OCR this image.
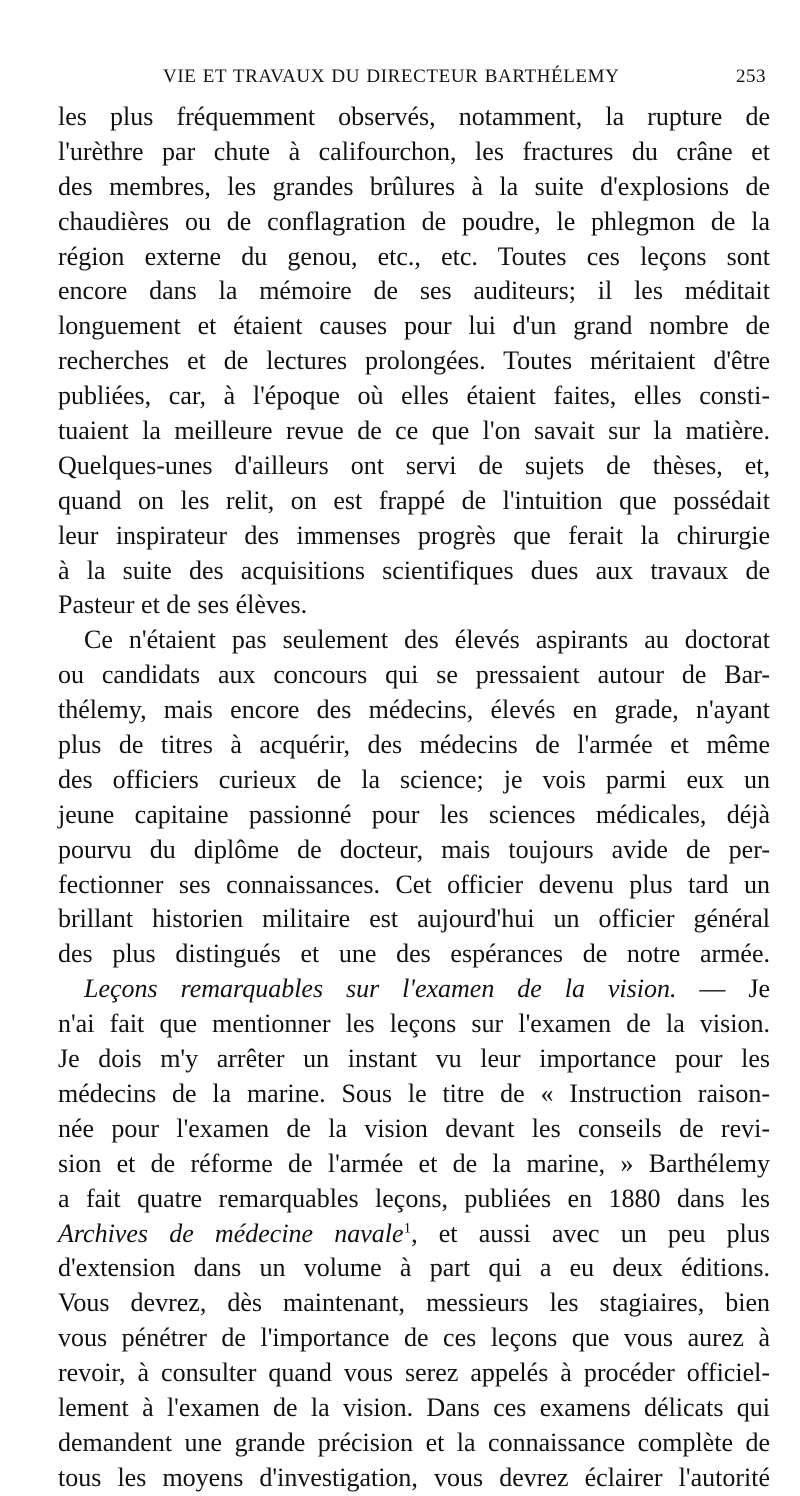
VIE ET TRAVAUX DU DIRECTEUR BARTHÉLEMY	253
les plus fréquemment observés, notamment, la rupture de
l'urèthre par chute à califourchon, les fractures du crâne et
des membres, les grandes brûlures à la suite d'explosions de
chaudières ou de conflagration de poudre, le phlegmon de la
région externe du genou, etc., etc. Toutes ces leçons sont
encore dans la mémoire de ses auditeurs; il les méditait
longuement et étaient causes pour lui d'un grand nombre de
recherches et de lectures prolongées. Toutes méritaient d'être
publiées, car, à l'époque où elles étaient faites, elles consti-
tuaient la meilleure revue de ce que l'on savait sur la matière.
Quelques-unes d'ailleurs ont servi de sujets de thèses, et,
quand on les relit, on est frappé de l'intuition que possédait
leur inspirateur des immenses progrès que ferait la chirurgie
à la suite des acquisitions scientifiques dues aux travaux de
Pasteur et de ses élèves.
Ce n'étaient pas seulement des élevés aspirants au doctorat
ou candidats aux concours qui se pressaient autour de Bar-
thélemy, mais encore des médecins, élevés en grade, n'ayant
plus de titres à acquérir, des médecins de l'armée et même
des officiers curieux de la science; je vois parmi eux un
jeune capitaine passionné pour les sciences médicales, déjà
pourvu du diplôme de docteur, mais toujours avide de per-
fectionner ses connaissances. Cet officier devenu plus tard un
brillant historien militaire est aujourd'hui un officier général
des plus distingués et une des espérances de notre armée.
Leçons remarquables sur l'examen de la vision. — Je
n'ai fait que mentionner les leçons sur l'examen de la vision.
Je dois m'y arrêter un instant vu leur importance pour les
médecins de la marine. Sous le titre de « Instruction raison-
née pour l'examen de la vision devant les conseils de revi-
sion et de réforme de l'armée et de la marine, » Barthélemy
a fait quatre remarquables leçons, publiées en 1880 dans les
Archives de médecine navale$^1$, et aussi avec un peu plus
d'extension dans un volume à part qui a eu deux éditions.
Vous devrez, dès maintenant, messieurs les stagiaires, bien
vous pénétrer de l'importance de ces leçons que vous aurez à
revoir, à consulter quand vous serez appelés à procéder officiel-
lement à l'examen de la vision. Dans ces examens délicats qui
demandent une grande précision et la connaissance complète de
tous les moyens d'investigation, vous devrez éclairer l'autorité
